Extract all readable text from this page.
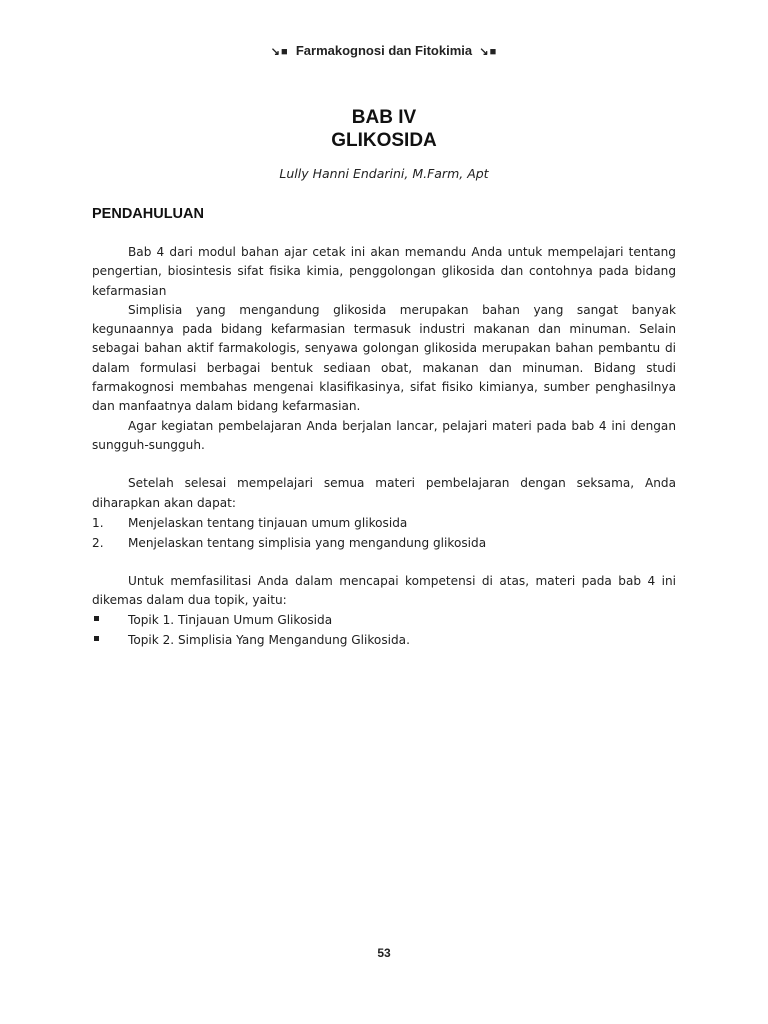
↘■ Farmakognosi dan Fitokimia ↘■
BAB IV
GLIKOSIDA
Lully Hanni Endarini, M.Farm, Apt
PENDAHULUAN

Bab 4 dari modul bahan ajar cetak ini akan memandu Anda untuk mempelajari tentang pengertian, biosintesis sifat fisika kimia, penggolongan glikosida dan contohnya pada bidang kefarmasian

Simplisia yang mengandung glikosida merupakan bahan yang sangat banyak kegunaannya pada bidang kefarmasian termasuk industri makanan dan minuman. Selain sebagai bahan aktif farmakologis, senyawa golongan glikosida merupakan bahan pembantu di dalam formulasi berbagai bentuk sediaan obat, makanan dan minuman. Bidang studi farmakognosi membahas mengenai klasifikasinya, sifat fisiko kimianya, sumber penghasilnya dan manfaatnya dalam bidang kefarmasian.

Agar kegiatan pembelajaran Anda berjalan lancar, pelajari materi pada bab 4 ini dengan sungguh-sungguh.

Setelah selesai mempelajari semua materi pembelajaran dengan seksama, Anda diharapkan akan dapat:

1.	Menjelaskan tentang tinjauan umum glikosida
2.	Menjelaskan tentang simplisia yang mengandung glikosida

Untuk memfasilitasi Anda dalam mencapai kompetensi di atas, materi pada bab 4 ini dikemas dalam dua topik, yaitu:

Topik 1. Tinjauan Umum Glikosida
Topik 2. Simplisia Yang Mengandung Glikosida.
53
